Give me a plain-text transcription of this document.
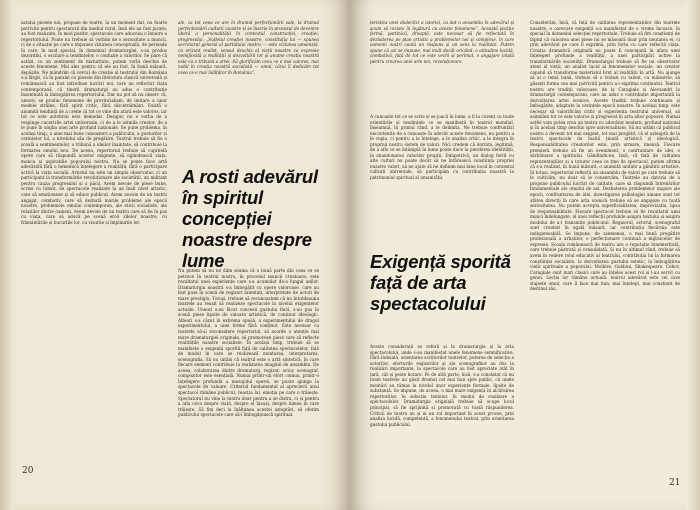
satului piesele noi, propuse de teatre, la un moment dat, nu foarte potrivite pentru spectatorii din mediul rural, însă ele au fost jucate; au fost realizate, în mod pozitiv, spectacole care aduceau o înnoire a repertoriului. Poate nu trebuie să vorbim de o seriozitate a muncii, ci de o situație pe care o impunea viziunea conceptuală, de perioade în care, în mod special, în domeniul dramaturgiei, s-au produs dezordini, o oscilare a tendințelor, o confuzie a valorilor. Se pare că astăzi, cu un sentiment de maturitate, putem vorbi deschis de aceste fenomene. Mai ales pentru că ele au fost, în bună măsură, depășite. Ne mândrim că cercul de creație al teatrului din România s-a lărgit, că în paralel cu piesele din literatura clasică universală și românească au fost introduse lucrări noi, care au reflectat viața contemporană, că tinerii dramaturgi au adus o contribuție însemnată la îmbogățirea repertoriului. Dar nu pot să nu observ că, uneori, se produc fenomene de provincialism, de imitare a unor modele străine, fără spirit critic, fără discernământ. Există o anumită tendință de a crede că tot ce vine din afară este valoros, iar tot ce este autohton este demodat. Desigur, nu e vorba de a respinge cuceririle artei universale, ci de a le asimila creator, de a le pune în slujba unei arte profund naționale. Se pune problema, în același timp, a unei mai bune cunoașteri a publicului, a gusturilor și cerințelor lui, a nivelului său de pregătire. Teatrul trebuie să fie o școală a sentimentelor, o tribună a ideilor înaintate, să contribuie la formarea omului nou. De aceea, repertoriul trebuie să cuprindă opere care să răspundă acestor exigențe, să oglindească viața, munca și aspirațiile poporului nostru. Nu se poate face artă adevărată fără o temeinică înțelegere a realității, fără o participare activă la viața socială. Artistul nu este un simplu observator, ci un participant la transformările revoluționare ale societății, un militant pentru cauza progresului și a păcii. Avem nevoie de piese bune, scrise cu talent, de spectacole realizate la un înalt nivel artistic, care să emoționeze și să educe publicul. Avem nevoie de un teatru angajat, combativ, care să dezbată marile probleme ale epocii noastre, problemele omului contemporan, ale eticii socialiste, ale relațiilor dintre oameni. Avem nevoie de un teatru care să fie în pas cu viața, care să aducă pe scenă eroii zilelor noastre, cu frământările și bucuriile lor, cu visurile și împlinirile lor.
ale, ca tot ceea ce are în dramul perfecționării sale, la dramul perfecționării culturii noastre și se înscrie în procesul de devenire liberă a personalității în contextul construcției, creației, progresului. „Sufletul creației noastre, constituția lui — spunea secretarul general al partidului nostru — este viziunea umanistă, cu orizont realist, sensul deschis al vieții noastre ca expresie nemijlocită a realității și dezvoltării lor și anume creația noastră este ca o tribună a artei. Să glorificăm ceea ce e mai valoros, mai nobil în creația noastră socialistă — omul, cărui îi dedicăm tot ceea ce e mai înălțător în România”.
A rosti adevărul în spiritul concepției noastre despre lume
Nu putem să nu ne dăm seama că o bună parte din ceea ce se petrece în teatrul nostru, în procesul muncii creatoare, este rezultatul unei experiențe care s-a acumulat de-a lungul anilor. Dramaturgia noastră s-a îmbogățit cu opere valoroase, care au fost puse în scenă de regizori talentați, interpretate de actori de mare prestigiu. Totuși, trebuie să recunoaștem că nu întotdeauna teatrele au reușit să realizeze spectacole la nivelul exigențelor actuale. Uneori s-au făcut concesii gustului facil, s-au pus în scenă piese lipsite de valoare artistică, de conținut ideologic. Alteori s-a căzut în extrema opusă, a experimentului de dragul experimentului, a unei forme fără conținut. Este necesar ca teatrele să-și reconsidere repertoriul, să acorde o atenție mai mare dramaturgiei originale, să promoveze piese care să reflecte realitățile noastre socialiste. În același timp, trebuie să se manifeste o exigență sporită față de calitatea spectacolelor, față de modul în care se realizează montarea, interpretarea, scenografia. Să nu uităm că teatrul este o artă sintetică, în care fiecare element contribuie la realizarea imaginii de ansamblu. De aceea, colaborarea dintre dramaturg, regizor, actor, scenograf, compozitor este esențială. Numai printr-un efort comun, printr-o înțelegere profundă a mesajului operei, se poate ajunge la spectacole de valoare. Criteriul fundamental al aprecierii unui spectacol rămâne publicul, reacția lui, emoția pe care o trăiește. Spectatorul nu vine la teatru doar pentru a se distra, ci și pentru a afla ceva despre viață, despre el însuși, despre lumea în care trăiește. Să fim deci la înălțimea acestei așteptări, să oferim publicului spectacole care să-l îmbogățească spiritual.
20
teristica unei dialectici a istoriei, ca dat o ansamblu în adevărul și acum să reziste în legătură cu aceste fenomene”. Această poziție fermă, partinică, dreaptă, este necesar să fie reflectată în dezbaterea pe plan artistic a problemelor noi și complexe, în care oamenii noștri caută un răspuns și un sens la realitate. Putem spune că azi se impune, mai mult decât oricând, o atitudine lucidă, combativă, față de tot ce este vechi și perimat, o angajare totală pentru crearea unei arte noi, revoluționare.
A cunoaște tot ce se scrie și se joacă în lume, a fi la curent cu toate orientările și tendințele ce se manifestă în teatrul mondial, înseamnă, în primul rând, a le delimita. Ne trebuie confruntări necontenite de a cunoaște în adevăr aceste fenomene, nu pentru a le copia, ci pentru a le înțelege, a le analiza critic, a le integra în propriul nostru sistem de valori. Nici credem că dorința, legitimă, de a afla ce se întâmplă în lume poate duce la pierderea identității, la abandonarea valorilor proprii. Dimpotrivă, un dialog fertil cu alte culturi nu poate decât să ne întărească conștiința propriei noastre valori, să ne ajute să ne definim mai bine locul în contextul culturii universale, să participăm cu contribuția noastră la patrimoniul spiritual al umanității.
Exigență sporită față de arta spectacolului
Aceste considerații se referă și la dramaturgie și la arta spectacolului, unde s-au manifestat unele fenomene semnificative. Fără îndoială, orientarea scriitorilor teatrelor, puterea de selecție a actorilor, eforturile regizorilor și ale scenografilor au dus la realizări importante, la spectacole care au fost apreciate atât în țară, cât și peste hotare. Pe de altă parte, însă, s-a constatat că nu toate teatrele au găsit drumul cel mai bun spre public, că unele montări au rămas la nivelul unor experiențe formale, lipsite de substanță. Se impune, de aceea, o mai mare exigență în alcătuirea repertoriilor, în selecția textelor, în modul de realizare a spectacolelor. Dramaturgia originală trebuie să ocupe locul principal, să fie sprijinită și promovată cu toată răspunderea. Criticii de teatru au și ei un rol important în acest proces, prin analiza lucidă, competentă, a fenomenului teatral, prin orientarea gustului publicului.
Considerăm, însă, că față de calitatea reprezentațiilor din teatrele noastre, o oarecare exigență s-a manifestat de o vreme încoace, în special în domeniul selecției repertoriale. Trebuie să fim conștienți de faptul că valoarea unei piese nu se măsoară doar prin noutatea ei, ci prin adevărul pe care îl exprimă, prin forța cu care reflectă viața. Creația dramatică originală nu poate fi concepută în afara unei înțelegeri profunde a realității, a unei participări active la transformările societății. Dramaturgul trebuie să fie un observator atent al vieții, un analist lucid al fenomenelor sociale, un creator capabil să transforme materialul brut al realității în artă. Nu ajunge să ai o temă bună, trebuie să o tratezi cu talent, cu măiestrie, să găsești forma cea mai potrivită pentru a-i exprima conținutul. Teatrul nostru are tradiții valoroase, de la Caragiale și Alecsandri la dramaturgii contemporani, care au adus o contribuție importantă la dezvoltarea artei scenice. Aceste tradiții trebuie continuate și îmbogățite, adaptate la cerințele epocii noastre. În același timp, este necesar să valorificăm critic și experiența teatrului universal, să asimilăm tot ce este valoros și progresist în arta altor popoare. Numai astfel vom putea crea un teatru cu adevărat modern, profund național și în același timp deschis spre universalitate. Să nu uităm că publicul nostru a devenit tot mai exigent, tot mai pregătit, că el așteaptă de la teatru spectacole de înaltă ținută artistică și ideologică. Responsabilitatea creatorilor este, prin urmare, imensă. Fiecare premieră trebuie să fie un eveniment, o confruntare de idei, o sărbătoare a spiritului. Gândindu-ne, însă, că față de calitatea reprezentațiilor și a tuturor ceea ce ține de spectacol, putem afirma că s-a realizat, în bună măsură, o anumită unitate a gândirii artistice. Și totuși, repertoriul reflectă un ansamblu de valori pe care trebuie să le cultivăm, nu doar să le conservăm. Teatrele au datoria de a propune publicului lucrări de calitate, care să răspundă întrebărilor fundamentale ale omului de azi. Dezbaterea problemelor majore ale epocii, confruntarea de idei, investigarea psihologiei umane sunt tot atâtea direcții în care arta scenică trebuie să se angajeze cu toată seriozitatea. Nu putem accepta superficialitatea, improvizația, lipsa de responsabilitate. Fiecare spectacol trebuie să fie rezultatul unei munci îndelungate, al unei reflecții profunde asupra textului și asupra modului de a-l transmite publicului. Regizorul, actorul, scenograful sunt creatori în egală măsură, iar contribuția fiecăruia este indispensabilă. Se impune, de asemenea, o mai bună pregătire profesională a artiștilor, o perfecționare continuă a mijloacelor de expresie. Școala românească de teatru are o reputație binemeritată, care trebuie păstrată și consolidată. Și nu în ultimul rând, trebuie să avem în vedere rolul educativ al teatrului, contribuția lui la formarea conștiinței socialiste, la dezvoltarea gustului estetic, la îmbogățirea vieții spirituale a poporului. Molière, Goldoni, Shakespeare, Cehov, Caragiale sunt mari clasici care au înțeles acest rol și l-au servit cu geniu. Lecția lor rămâne actuală: teatrul adevărat este cel care slujește omul, care îl face mai bun, mai înțelept, mai conștient de destinul său.
21
